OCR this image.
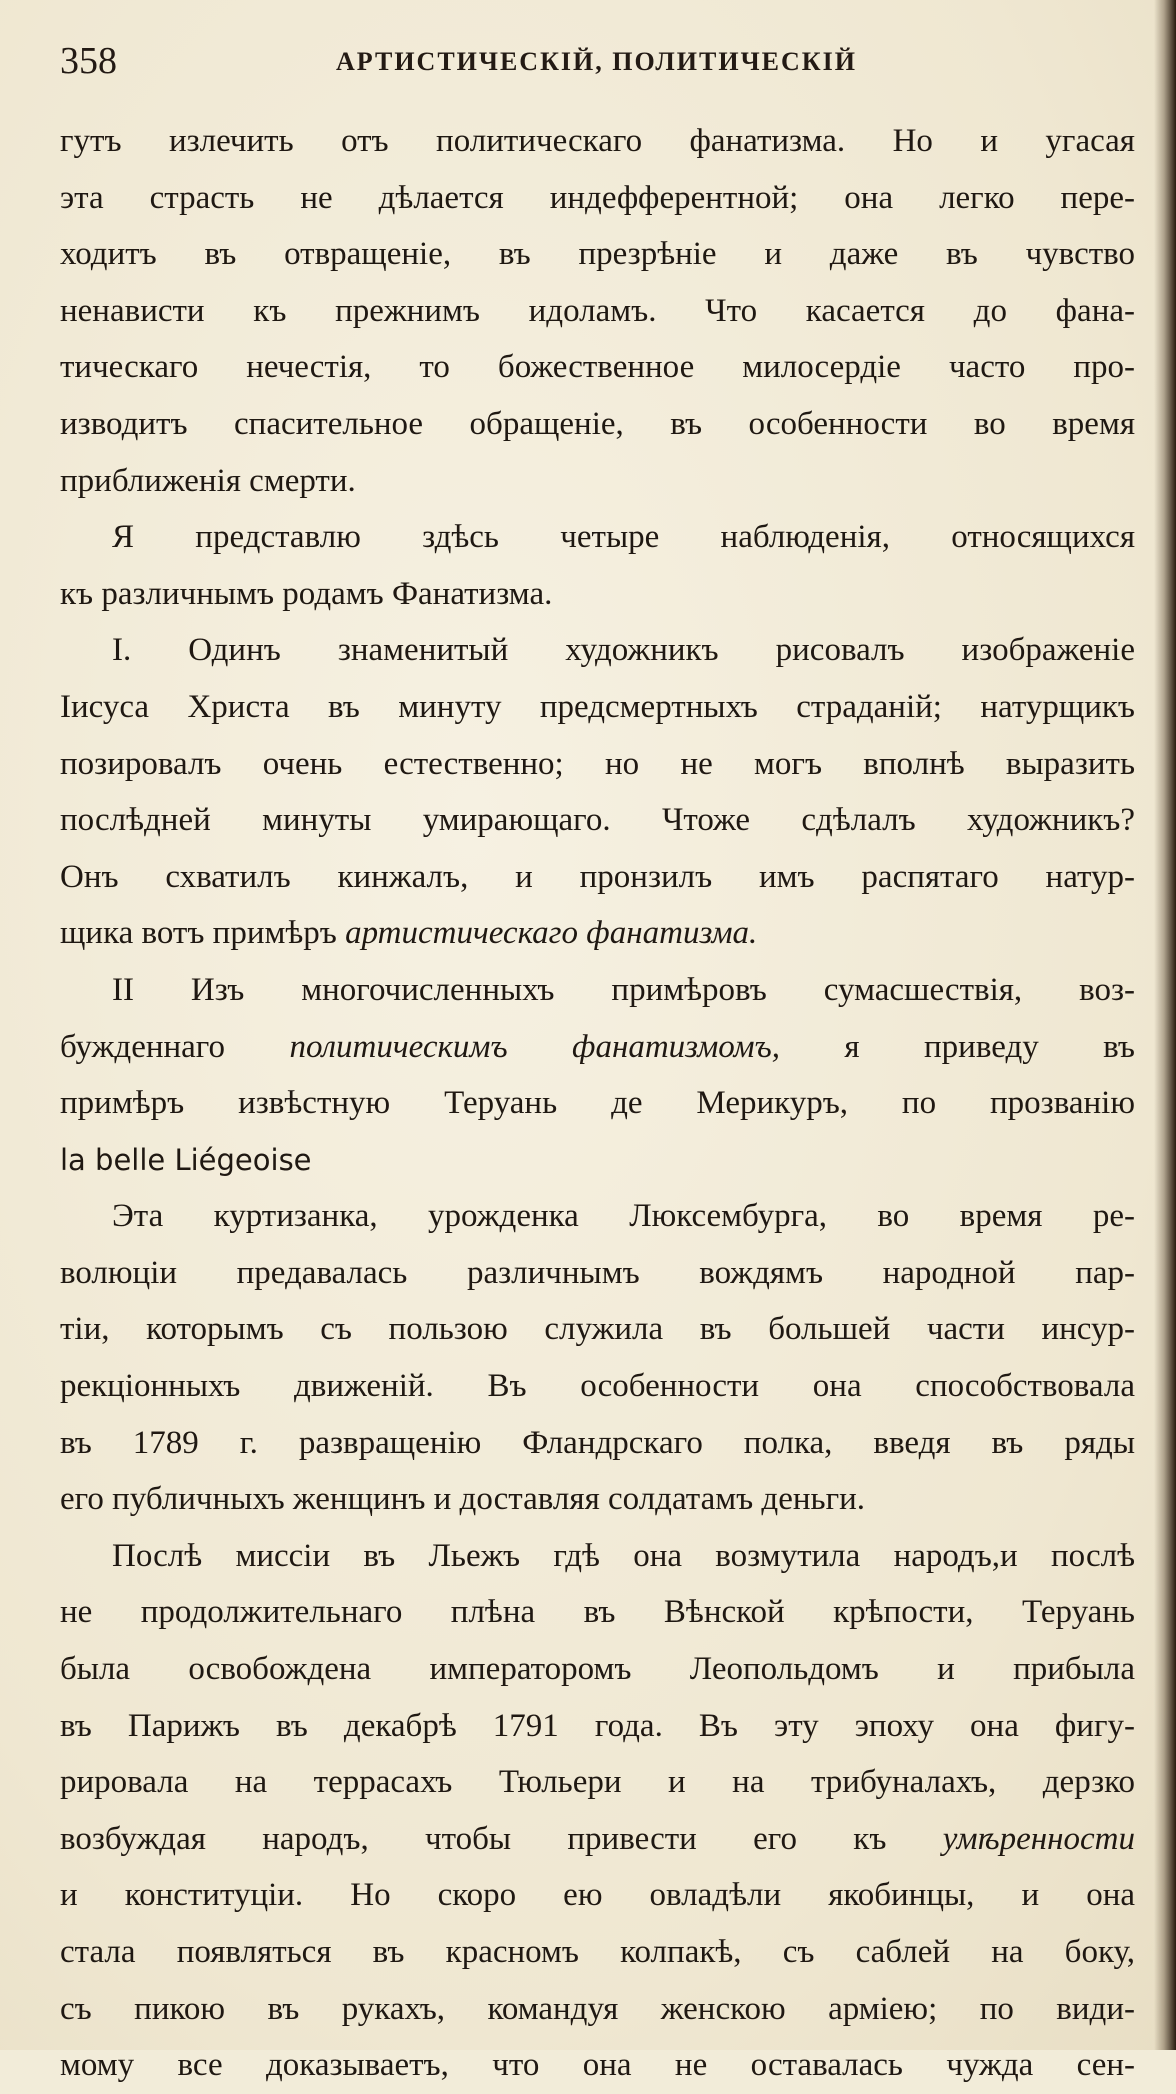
358	АРТИСТИЧЕСКІЙ, ПОЛИТИЧЕСКІЙ
гутъ излечить отъ политическаго фанатизма. Но и угасая
эта страсть не дѣлается индефферентной; она легко пере-
ходитъ въ отвращеніе, въ презрѣніе и даже въ чувство
ненависти къ прежнимъ идоламъ. Что касается до фана-
тическаго нечестія, то божественное милосердіе часто про-
изводитъ спасительное обращеніе, въ особенности во время
приближенія смерти.
Я представлю здѣсь четыре наблюденія, относящихся
къ различнымъ родамъ Фанатизма.
I. Одинъ знаменитый художникъ рисовалъ изображеніе
Іисуса Христа въ минуту предсмертныхъ страданій; натурщикъ
позировалъ очень естественно; но не могъ вполнѣ выразить
послѣдней минуты умирающаго. Чтоже сдѣлалъ художникъ?
Онъ схватилъ кинжалъ, и пронзилъ имъ распятаго натур-
щика вотъ примѣръ артистическаго фанатизма.
II Изъ многочисленныхъ примѣровъ сумасшествія, воз-
бужденнаго политическимъ фанатизмомъ, я приведу въ
примѣръ извѣстную Теруань де Мерикуръ, по прозванію
la belle Liégeoise
Эта куртизанка, урожденка Люксембурга, во время ре-
волюціи предавалась различнымъ вождямъ народной пар-
тіи, которымъ съ пользою служила въ большей части инсур-
рекціонныхъ движеній. Въ особенности она способствовала
въ 1789 г. развращенію Фландрскаго полка, введя въ ряды
его публичныхъ женщинъ и доставляя солдатамъ деньги.
Послѣ миссіи въ Льежъ гдѣ она возмутила народъ,и послѣ
не продолжительнаго плѣна въ Вѣнской крѣпости, Теруань
была освобождена императоромъ Леопольдомъ и прибыла
въ Парижъ въ декабрѣ 1791 года. Въ эту эпоху она фигу-
рировала на террасахъ Тюльери и на трибуналахъ, дерзко
возбуждая народъ, чтобы привести его къ умѣренности
и конституціи. Но скоро ею овладѣли якобинцы, и она
стала появляться въ красномъ колпакѣ, съ саблей на боку,
съ пикою въ рукахъ, командуя женскою арміею; по види-
мому все доказываетъ, что она не оставалась чужда сен-
